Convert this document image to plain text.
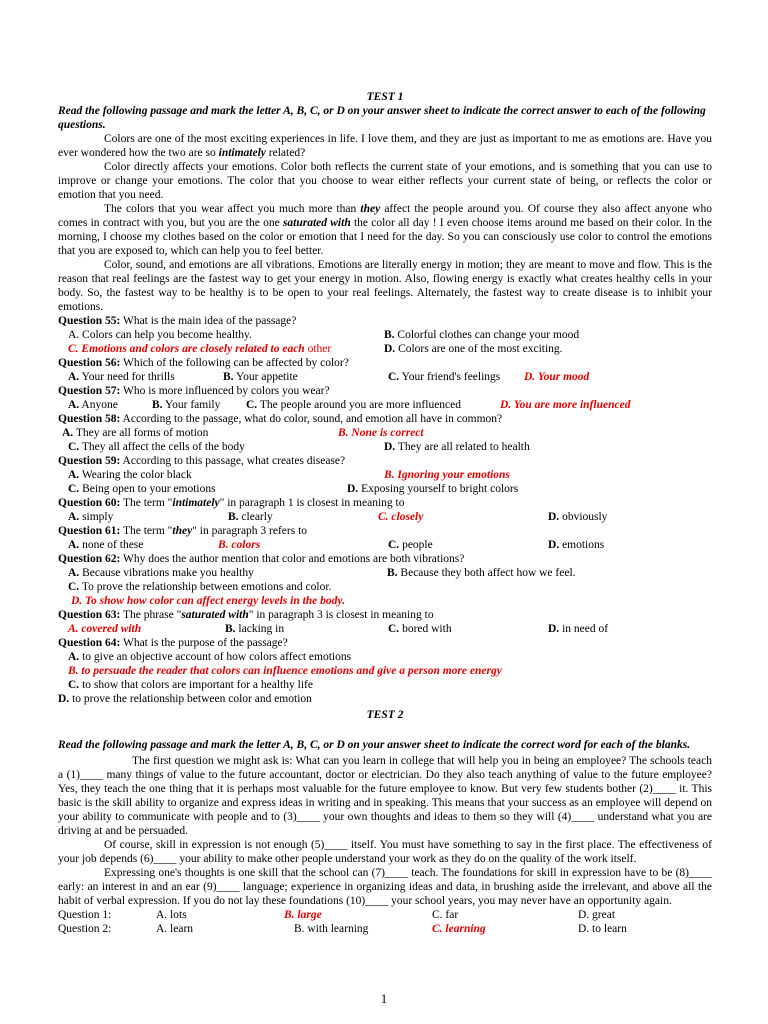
TEST 1
Read the following passage and mark the letter A, B, C, or D on your answer sheet to indicate the correct answer to each of the following questions.
Colors are one of the most exciting experiences in life. I love them, and they are just as important to me as emotions are. Have you ever wondered how the two are so intimately related?
Color directly affects your emotions. Color both reflects the current state of your emotions, and is something that you can use to improve or change your emotions. The color that you choose to wear either reflects your current state of being, or reflects the color or emotion that you need.
The colors that you wear affect you much more than they affect the people around you. Of course they also affect anyone who comes in contract with you, but you are the one saturated with the color all day ! I even choose items around me based on their color. In the morning, I choose my clothes based on the color or emotion that I need for the day. So you can consciously use color to control the emotions that you are exposed to, which can help you to feel better.
Color, sound, and emotions are all vibrations. Emotions are literally energy in motion; they are meant to move and flow. This is the reason that real feelings are the fastest way to get your energy in motion. Also, flowing energy is exactly what creates healthy cells in your body. So, the fastest way to be healthy is to be open to your real feelings. Alternately, the fastest way to create disease is to inhibit your emotions.
Question 55: What is the main idea of the passage?
A. Colors can help you become healthy.	B. Colorful clothes can change your mood
C. Emotions and colors are closely related to each other	D. Colors are one of the most exciting.
Question 56: Which of the following can be affected by color?
A. Your need for thrills	B. Your appetite	C. Your friend's feelings D. Your mood
Question 57: Who is more influenced by colors you wear?
A. Anyone	B. Your family C. The people around you are more influenced	D. You are more influenced
Question 58: According to the passage, what do color, sound, and emotion all have in common?
A. They are all forms of motion	B. None is correct
C. They all affect the cells of the body	D. They are all related to health
Question 59: According to this passage, what creates disease?
A. Wearing the color black	B. Ignoring your emotions
C. Being open to your emotions	D. Exposing yourself to bright colors
Question 60: The term "intimately" in paragraph 1 is closest in meaning to
A. simply	B. clearly	C. closely	D. obviously
Question 61: The term "they" in paragraph 3 refers to
A. none of these	B. colors	C. people	D. emotions
Question 62: Why does the author mention that color and emotions are both vibrations?
A. Because vibrations make you healthy	B. Because they both affect how we feel.
C. To prove the relationship between emotions and color.
D. To show how color can affect energy levels in the body.
Question 63: The phrase "saturated with" in paragraph 3 is closest in meaning to
A. covered with	B. lacking in	C. bored with	D. in need of
Question 64: What is the purpose of the passage?
A. to give an objective account of how colors affect emotions
B. to persuade the reader that colors can influence emotions and give a person more energy
C. to show that colors are important for a healthy life
D. to prove the relationship between color and emotion
TEST 2
Read the following passage and mark the letter A, B, C, or D on your answer sheet to indicate the correct word for each of the blanks.
The first question we might ask is: What can you learn in college that will help you in being an employee? The schools teach a (1)____ many things of value to the future accountant, doctor or electrician. Do they also teach anything of value to the future employee? Yes, they teach the one thing that it is perhaps most valuable for the future employee to know. But very few students bother (2)____ it. This basic is the skill ability to organize and express ideas in writing and in speaking. This means that your success as an employee will depend on your ability to communicate with people and to (3)____ your own thoughts and ideas to them so they will (4)____ understand what you are driving at and be persuaded.
Of course, skill in expression is not enough (5)____ itself. You must have something to say in the first place. The effectiveness of your job depends (6)____ your ability to make other people understand your work as they do on the quality of the work itself.
Expressing one's thoughts is one skill that the school can (7)____ teach. The foundations for skill in expression have to be (8)____ early: an interest in and an ear (9)____ language; experience in organizing ideas and data, in brushing aside the irrelevant, and above all the habit of verbal expression. If you do not lay these foundations (10)____ your school years, you may never have an opportunity again.
Question 1:	A. lots	B. large	C. far	D. great
Question 2:	A. learn	B. with learning	C. learning	D. to learn
1
